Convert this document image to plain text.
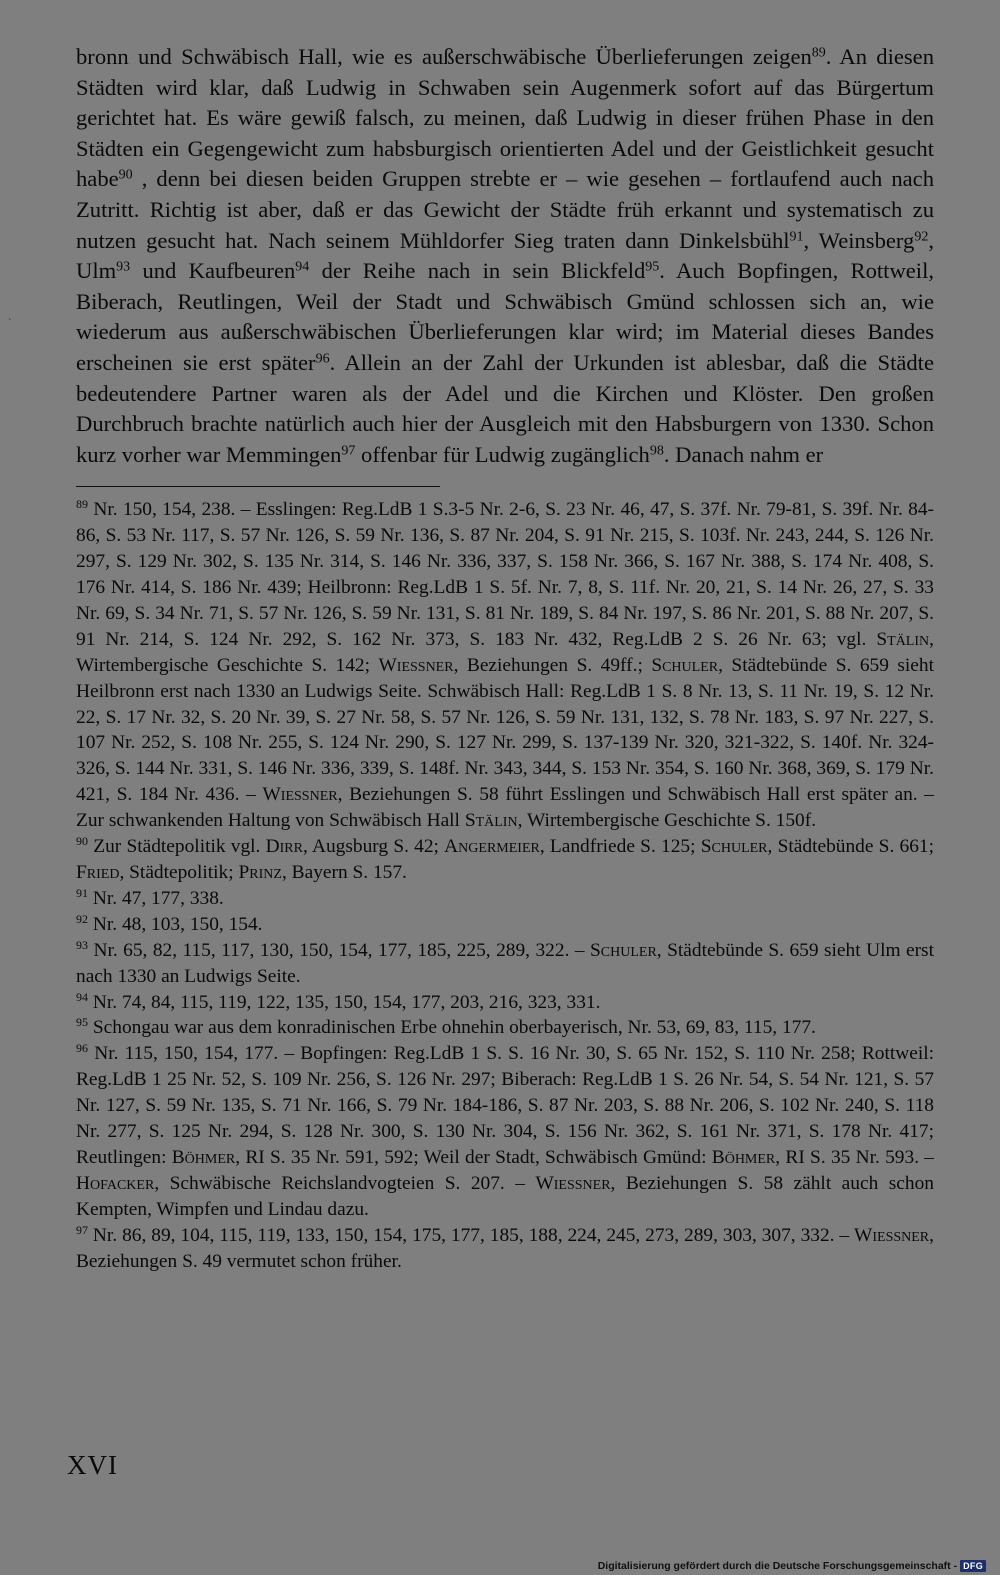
bronn und Schwäbisch Hall, wie es außerschwäbische Überlieferungen zeigen$^{89}$. An diesen Städten wird klar, daß Ludwig in Schwaben sein Augenmerk sofort auf das Bürgertum gerichtet hat. Es wäre gewiß falsch, zu meinen, daß Ludwig in dieser frühen Phase in den Städten ein Gegengewicht zum habsburgisch orientierten Adel und der Geistlichkeit gesucht habe$^{90}$ , denn bei diesen beiden Gruppen strebte er – wie gesehen – fortlaufend auch nach Zutritt. Richtig ist aber, daß er das Gewicht der Städte früh erkannt und systematisch zu nutzen gesucht hat. Nach seinem Mühldorfer Sieg traten dann Dinkelsbühl$^{91}$, Weinsberg$^{92}$, Ulm$^{93}$ und Kaufbeuren$^{94}$ der Reihe nach in sein Blickfeld$^{95}$. Auch Bopfingen, Rottweil, Biberach, Reutlingen, Weil der Stadt und Schwäbisch Gmünd schlossen sich an, wie wiederum aus außerschwäbischen Überlieferungen klar wird; im Material dieses Bandes erscheinen sie erst später$^{96}$. Allein an der Zahl der Urkunden ist ablesbar, daß die Städte bedeutendere Partner waren als der Adel und die Kirchen und Klöster. Den großen Durchbruch brachte natürlich auch hier der Ausgleich mit den Habsburgern von 1330. Schon kurz vorher war Memmingen$^{97}$ offenbar für Ludwig zugänglich$^{98}$. Danach nahm er

$^{89}$ Nr. 150, 154, 238. – Esslingen: Reg.LdB 1 S.3-5 Nr. 2-6, S. 23 Nr. 46, 47, S. 37f. Nr. 79-81, S. 39f. Nr. 84-86, S. 53 Nr. 117, S. 57 Nr. 126, S. 59 Nr. 136, S. 87 Nr. 204, S. 91 Nr. 215, S. 103f. Nr. 243, 244, S. 126 Nr. 297, S. 129 Nr. 302, S. 135 Nr. 314, S. 146 Nr. 336, 337, S. 158 Nr. 366, S. 167 Nr. 388, S. 174 Nr. 408, S. 176 Nr. 414, S. 186 Nr. 439; Heilbronn: Reg.LdB 1 S. 5f. Nr. 7, 8, S. 11f. Nr. 20, 21, S. 14 Nr. 26, 27, S. 33 Nr. 69, S. 34 Nr. 71, S. 57 Nr. 126, S. 59 Nr. 131, S. 81 Nr. 189, S. 84 Nr. 197, S. 86 Nr. 201, S. 88 Nr. 207, S. 91 Nr. 214, S. 124 Nr. 292, S. 162 Nr. 373, S. 183 Nr. 432, Reg.LdB 2 S. 26 Nr. 63; vgl. Stälin, Wirtembergische Geschichte S. 142; Wiessner, Beziehungen S. 49ff.; Schuler, Städtebünde S. 659 sieht Heilbronn erst nach 1330 an Ludwigs Seite. Schwäbisch Hall: Reg.LdB 1 S. 8 Nr. 13, S. 11 Nr. 19, S. 12 Nr. 22, S. 17 Nr. 32, S. 20 Nr. 39, S. 27 Nr. 58, S. 57 Nr. 126, S. 59 Nr. 131, 132, S. 78 Nr. 183, S. 97 Nr. 227, S. 107 Nr. 252, S. 108 Nr. 255, S. 124 Nr. 290, S. 127 Nr. 299, S. 137-139 Nr. 320, 321-322, S. 140f. Nr. 324-326, S. 144 Nr. 331, S. 146 Nr. 336, 339, S. 148f. Nr. 343, 344, S. 153 Nr. 354, S. 160 Nr. 368, 369, S. 179 Nr. 421, S. 184 Nr. 436. – Wiessner, Beziehungen S. 58 führt Esslingen und Schwäbisch Hall erst später an. – Zur schwankenden Haltung von Schwäbisch Hall Stälin, Wirtembergische Geschichte S. 150f.

$^{90}$ Zur Städtepolitik vgl. Dirr, Augsburg S. 42; Angermeier, Landfriede S. 125; Schuler, Städtebünde S. 661; Fried, Städtepolitik; Prinz, Bayern S. 157.

$^{91}$ Nr. 47, 177, 338.

$^{92}$ Nr. 48, 103, 150, 154.

$^{93}$ Nr. 65, 82, 115, 117, 130, 150, 154, 177, 185, 225, 289, 322. – Schuler, Städtebünde S. 659 sieht Ulm erst nach 1330 an Ludwigs Seite.

$^{94}$ Nr. 74, 84, 115, 119, 122, 135, 150, 154, 177, 203, 216, 323, 331.

$^{95}$ Schongau war aus dem konradinischen Erbe ohnehin oberbayerisch, Nr. 53, 69, 83, 115, 177.

$^{96}$ Nr. 115, 150, 154, 177. – Bopfingen: Reg.LdB 1 S. S. 16 Nr. 30, S. 65 Nr. 152, S. 110 Nr. 258; Rottweil: Reg.LdB 1 25 Nr. 52, S. 109 Nr. 256, S. 126 Nr. 297; Biberach: Reg.LdB 1 S. 26 Nr. 54, S. 54 Nr. 121, S. 57 Nr. 127, S. 59 Nr. 135, S. 71 Nr. 166, S. 79 Nr. 184-186, S. 87 Nr. 203, S. 88 Nr. 206, S. 102 Nr. 240, S. 118 Nr. 277, S. 125 Nr. 294, S. 128 Nr. 300, S. 130 Nr. 304, S. 156 Nr. 362, S. 161 Nr. 371, S. 178 Nr. 417; Reutlingen: Böhmer, RI S. 35 Nr. 591, 592; Weil der Stadt, Schwäbisch Gmünd: Böhmer, RI S. 35 Nr. 593. – Hofacker, Schwäbische Reichslandvogteien S. 207. – Wiessner, Beziehungen S. 58 zählt auch schon Kempten, Wimpfen und Lindau dazu.

$^{97}$ Nr. 86, 89, 104, 115, 119, 133, 150, 154, 175, 177, 185, 188, 224, 245, 273, 289, 303, 307, 332. – Wiessner, Beziehungen S. 49 vermutet schon früher.

`
XVI
Digitalisierung gefördert durch die Deutsche Forschungsgemeinschaft - DFG
